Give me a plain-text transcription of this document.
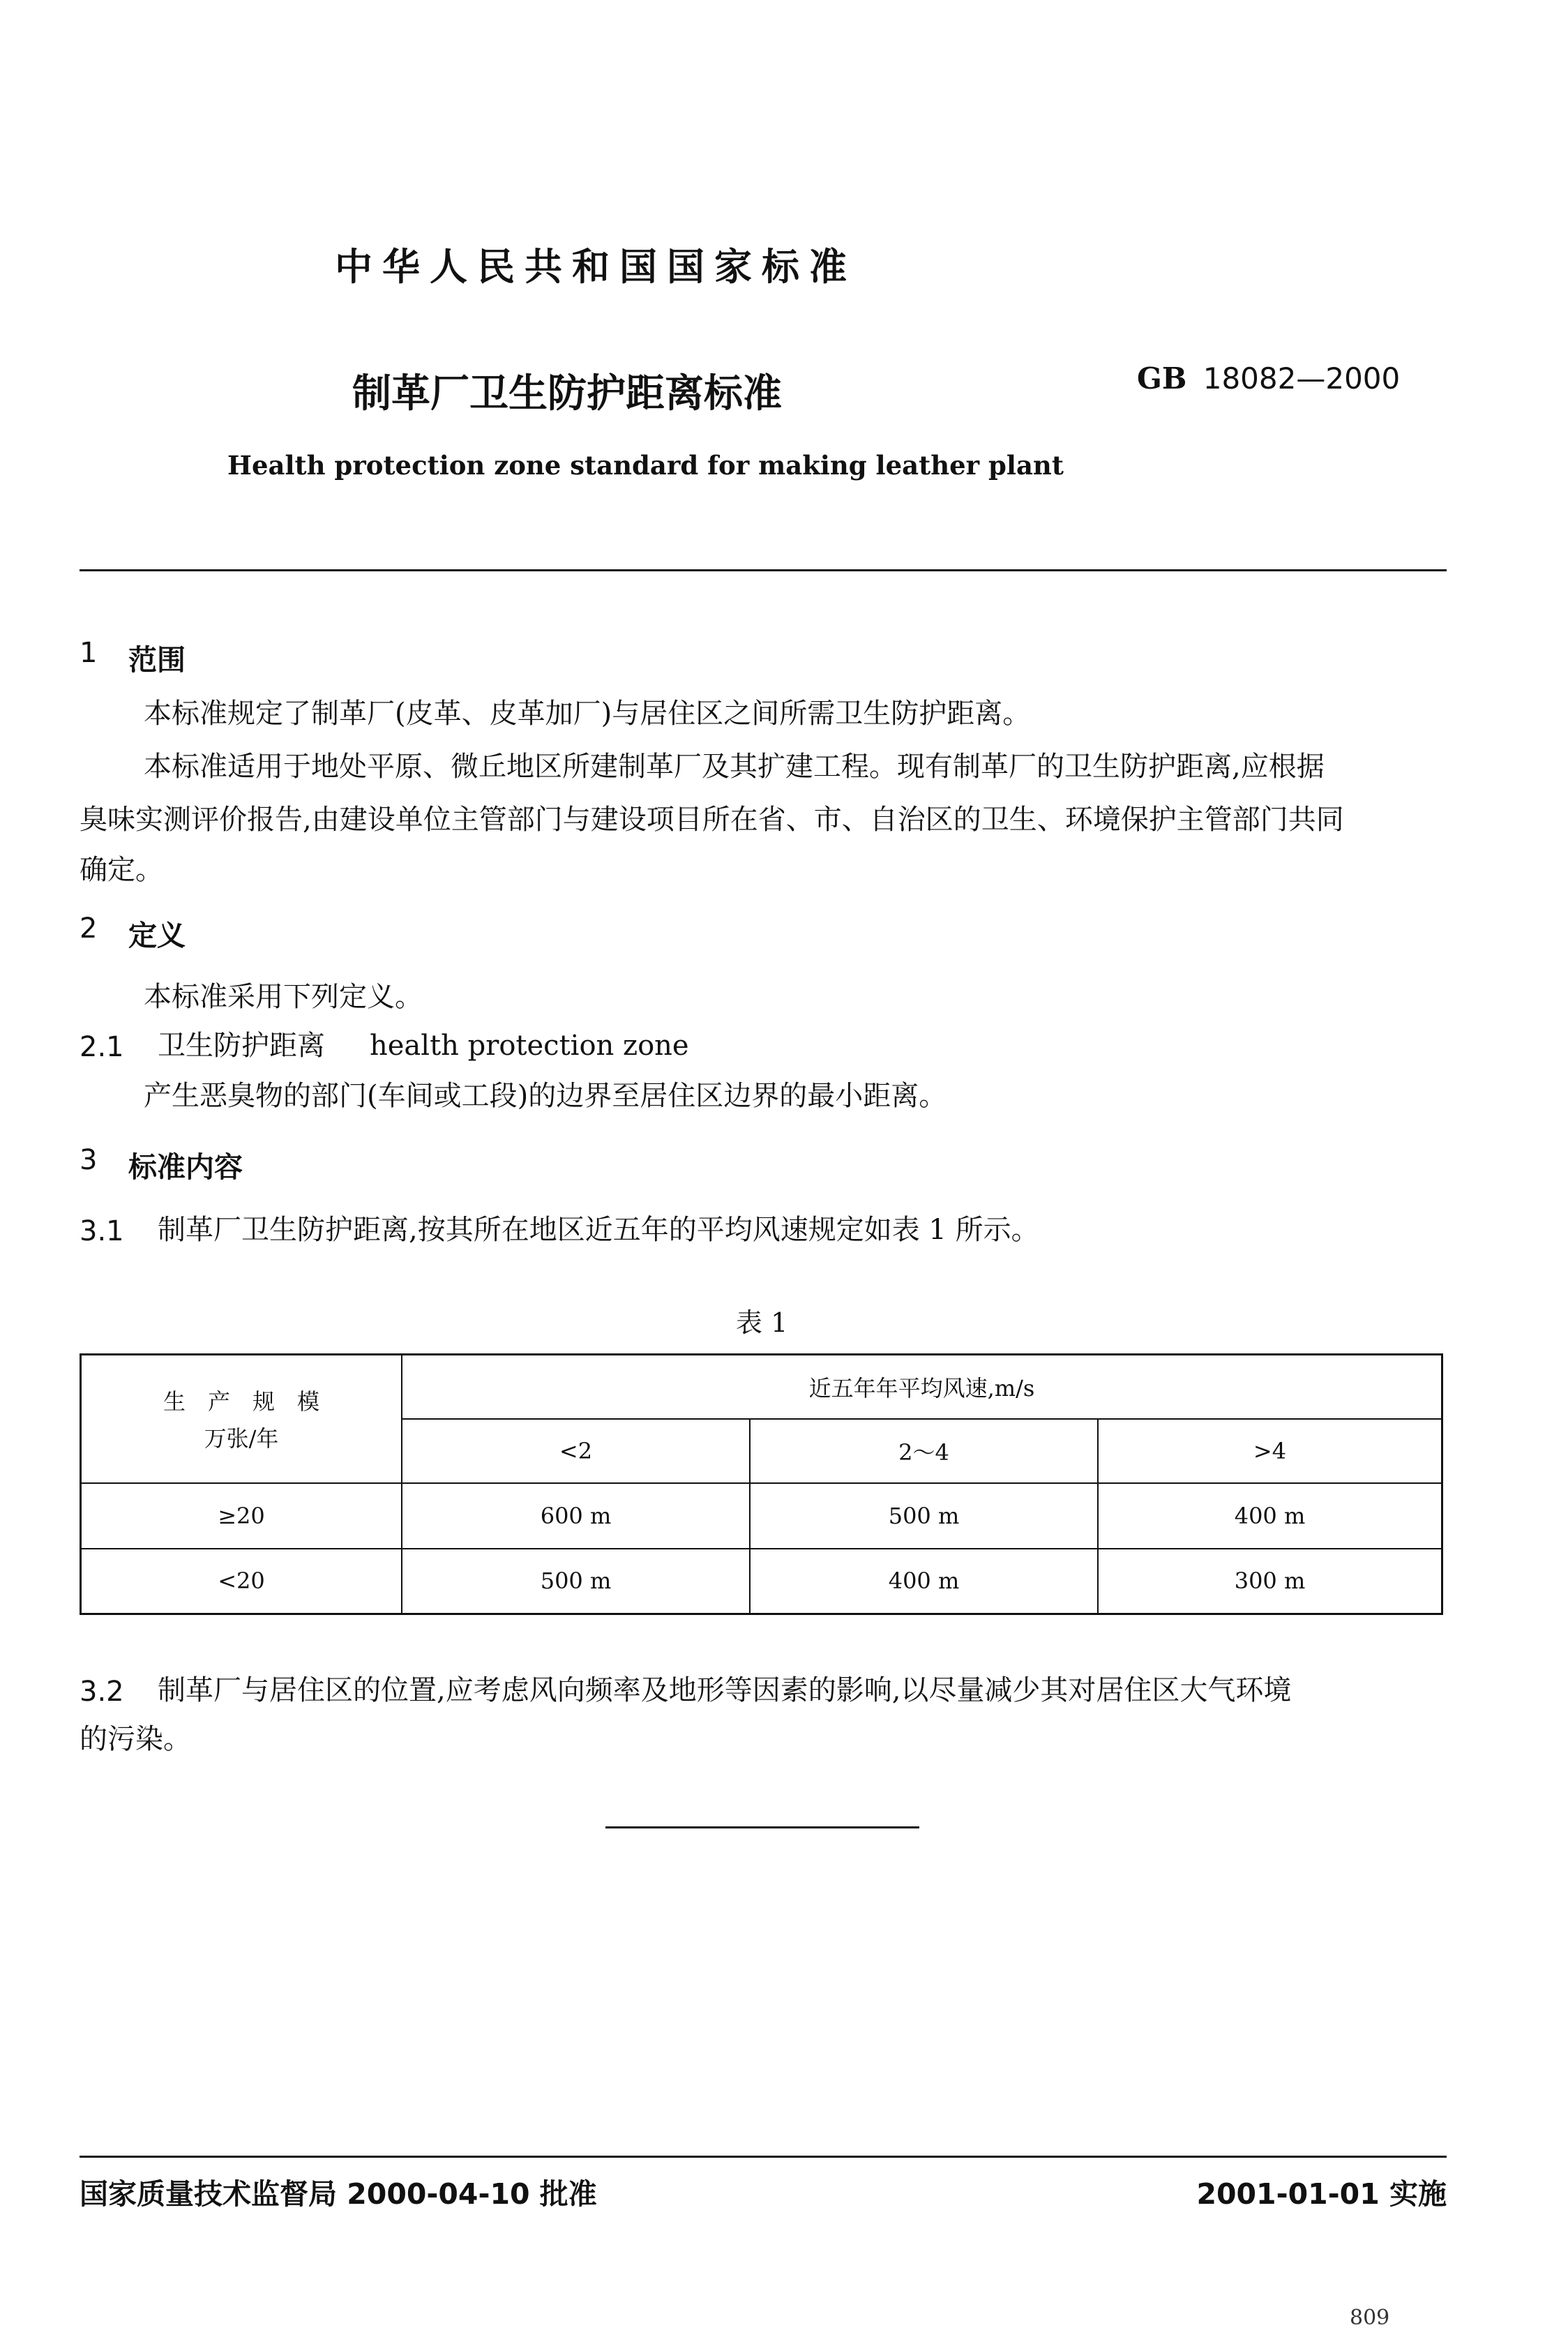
中华人民共和国国家标准
制革厂卫生防护距离标准	GB 18082—2000
Health protection zone standard for making leather plant
1 范围
本标准规定了制革厂(皮革、皮革加厂)与居住区之间所需卫生防护距离。
本标准适用于地处平原、微丘地区所建制革厂及其扩建工程。现有制革厂的卫生防护距离,应根据
臭味实测评价报告,由建设单位主管部门与建设项目所在省、市、自治区的卫生、环境保护主管部门共同
确定。
2 定义
本标准采用下列定义。
2.1 卫生防护距离 health protection zone
产生恶臭物的部门(车间或工段)的边界至居住区边界的最小距离。
3 标准内容
3.1 制革厂卫生防护距离,按其所在地区近五年的平均风速规定如表 1 所示。
表 1
生　产　规　模
万张/年	近五年年平均风速,m/s		
	<2	2～4	>4
≥20	600 m	500 m	400 m
<20	500 m	400 m	300 m
3.2 制革厂与居住区的位置,应考虑风向频率及地形等因素的影响,以尽量减少其对居住区大气环境
的污染。
国家质量技术监督局 2000-04-10 批准	2001-01-01 实施
809
